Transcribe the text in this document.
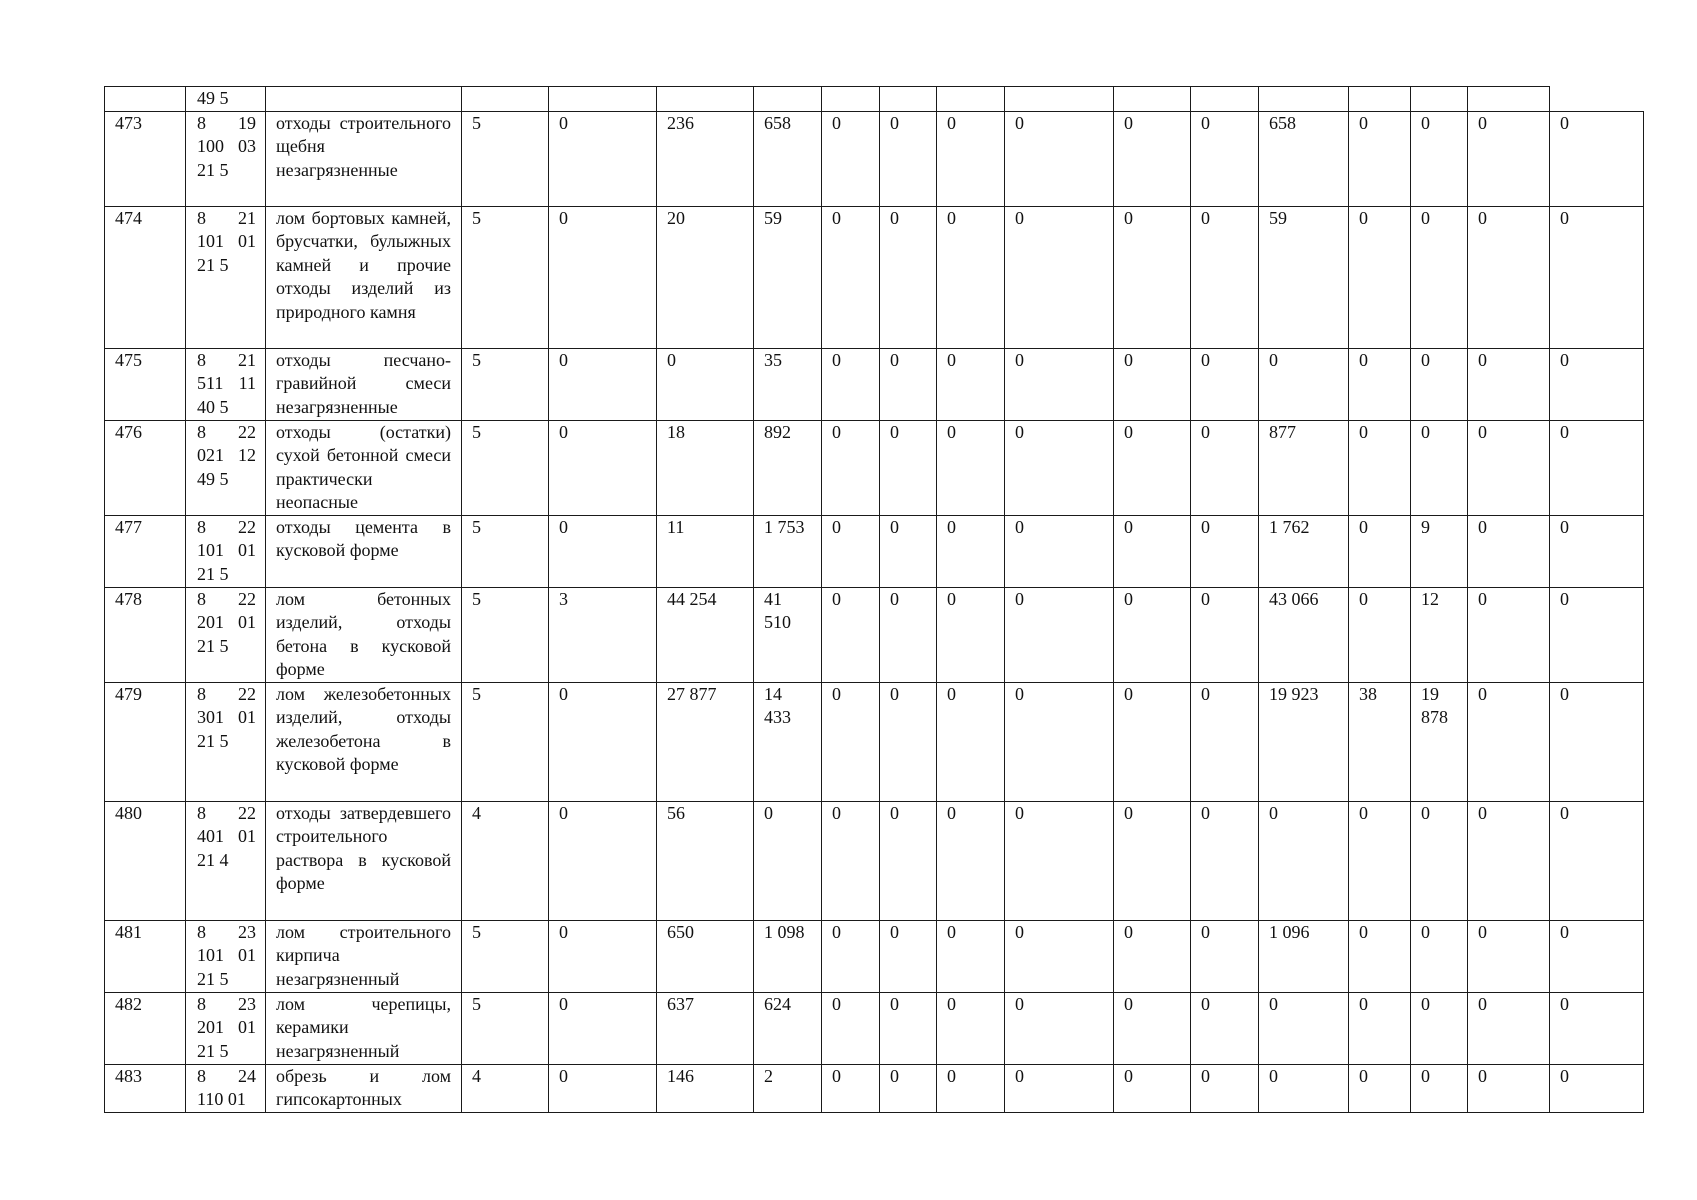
	49 5																
473	8 19 100 03 21 5	отходы строительного щебня незагрязненные	5	0	236	658	0	0	0	0	0	0	658	0	0	0	0
474	8 21 101 01 21 5	лом бортовых камней, брусчатки, булыжных камней и прочие отходы изделий из природного камня	5	0	20	59	0	0	0	0	0	0	59	0	0	0	0
475	8 21 511 11 40 5	отходы песчано-гравийной смеси незагрязненные	5	0	0	35	0	0	0	0	0	0	0	0	0	0	0
476	8 22 021 12 49 5	отходы (остатки) сухой бетонной смеси практически неопасные	5	0	18	892	0	0	0	0	0	0	877	0	0	0	0
477	8 22 101 01 21 5	отходы цемента в кусковой форме	5	0	11	1 753	0	0	0	0	0	0	1 762	0	9	0	0
478	8 22 201 01 21 5	лом бетонных изделий, отходы бетона в кусковой форме	5	3	44 254	41 510	0	0	0	0	0	0	43 066	0	12	0	0
479	8 22 301 01 21 5	лом железобетонных изделий, отходы железобетона в кусковой форме	5	0	27 877	14 433	0	0	0	0	0	0	19 923	38	19 878	0	0
480	8 22 401 01 21 4	отходы затвердевшего строительного раствора в кусковой форме	4	0	56	0	0	0	0	0	0	0	0	0	0	0	0
481	8 23 101 01 21 5	лом строительного кирпича незагрязненный	5	0	650	1 098	0	0	0	0	0	0	1 096	0	0	0	0
482	8 23 201 01 21 5	лом черепицы, керамики незагрязненный	5	0	637	624	0	0	0	0	0	0	0	0	0	0	0
483	8 24 110 01	обрезь и лом гипсокартонных	4	0	146	2	0	0	0	0	0	0	0	0	0	0	0
